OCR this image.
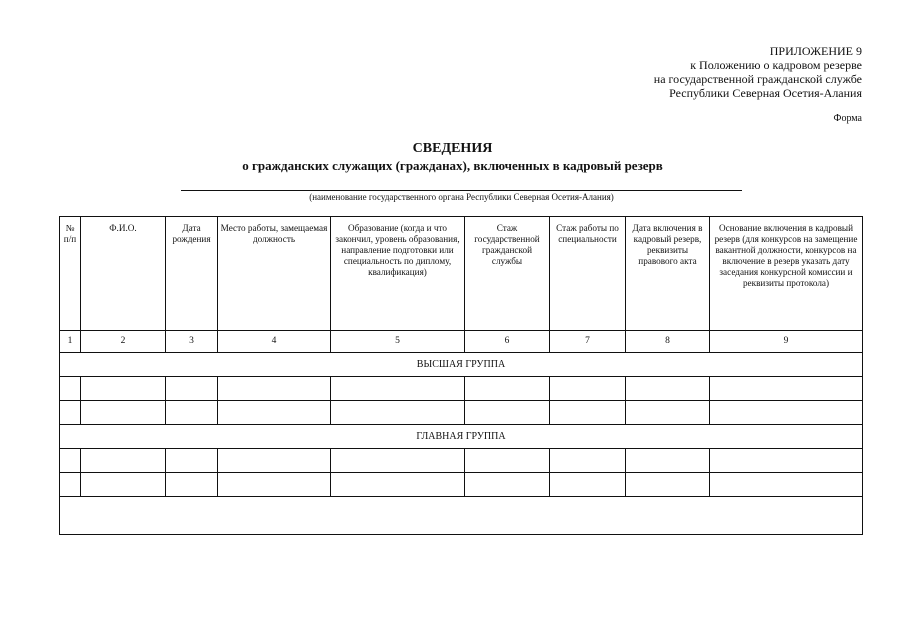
ПРИЛОЖЕНИЕ 9
к Положению о кадровом резерве
на государственной гражданской службе
Республики Северная Осетия-Алания
Форма
СВЕДЕНИЯ
о гражданских служащих (гражданах), включенных в кадровый резерв
(наименование государственного органа Республики Северная Осетия-Алания)
№ п/п	Ф.И.О.	Дата рождения	Место работы, замещаемая должность	Образование (когда и что закончил, уровень образования, направление подготовки или специальность по диплому, квалификация)	Стаж государственной гражданской службы	Стаж работы по специальности	Дата включения в кадровый резерв, реквизиты правового акта	Основание включения в кадровый резерв (для конкурсов на замещение вакантной должности, конкурсов на включение в резерв указать дату заседания конкурсной комиссии и реквизиты протокола)
1	2	3	4	5	6	7	8	9
ВЫСШАЯ ГРУППА								

ГЛАВНАЯ ГРУППА								
